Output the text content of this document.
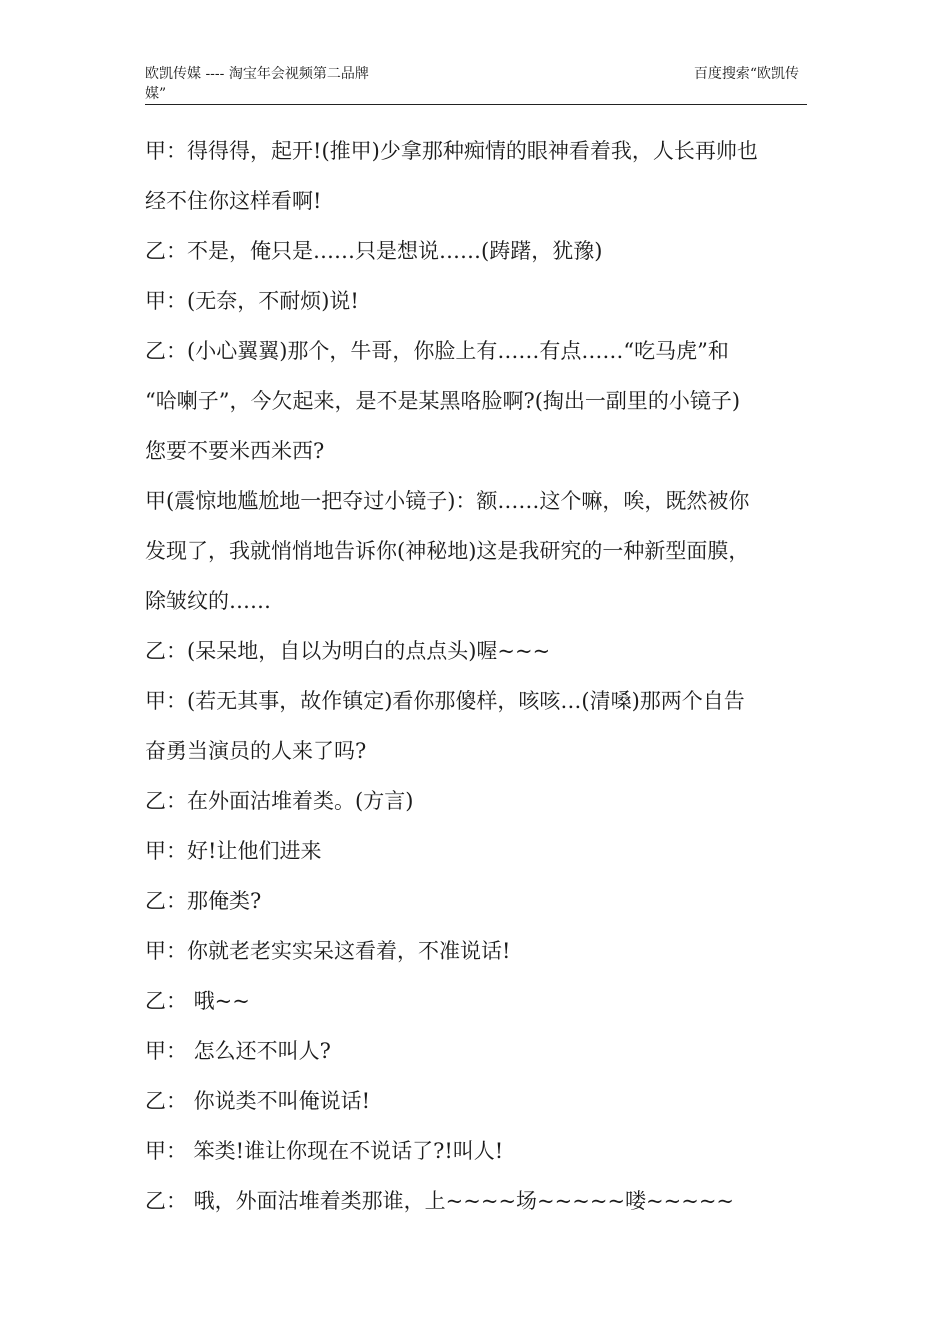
欧凯传媒 ---- 淘宝年会视频第二品牌媒”
百度搜索“欧凯传
甲：得得得，起开!(推甲)少拿那种痴情的眼神看着我，人长再帅也
经不住你这样看啊!
乙：不是，俺只是……只是想说……(踌躇，犹豫)
甲：(无奈，不耐烦)说!
乙：(小心翼翼)那个，牛哥，你脸上有……有点……“吃马虎”和
“哈喇子”，今欠起来，是不是某黑咯脸啊?(掏出一副里的小镜子)
您要不要米西米西?
甲(震惊地尴尬地一把夺过小镜子)：额……这个嘛，唉，既然被你
发现了，我就悄悄地告诉你(神秘地)这是我研究的一种新型面膜，
除皱纹的……
乙：(呆呆地，自以为明白的点点头)喔~~~
甲：(若无其事，故作镇定)看你那傻样，咳咳…(清嗓)那两个自告
奋勇当演员的人来了吗?
乙：在外面沽堆着类。(方言)
甲：好!让他们进来
乙：那俺类?
甲：你就老老实实呆这看着，不准说话!
乙： 哦~~
甲： 怎么还不叫人?
乙： 你说类不叫俺说话!
甲： 笨类!谁让你现在不说话了?!叫人!
乙： 哦，外面沽堆着类那谁，上~~~~场~~~~~喽~~~~~
